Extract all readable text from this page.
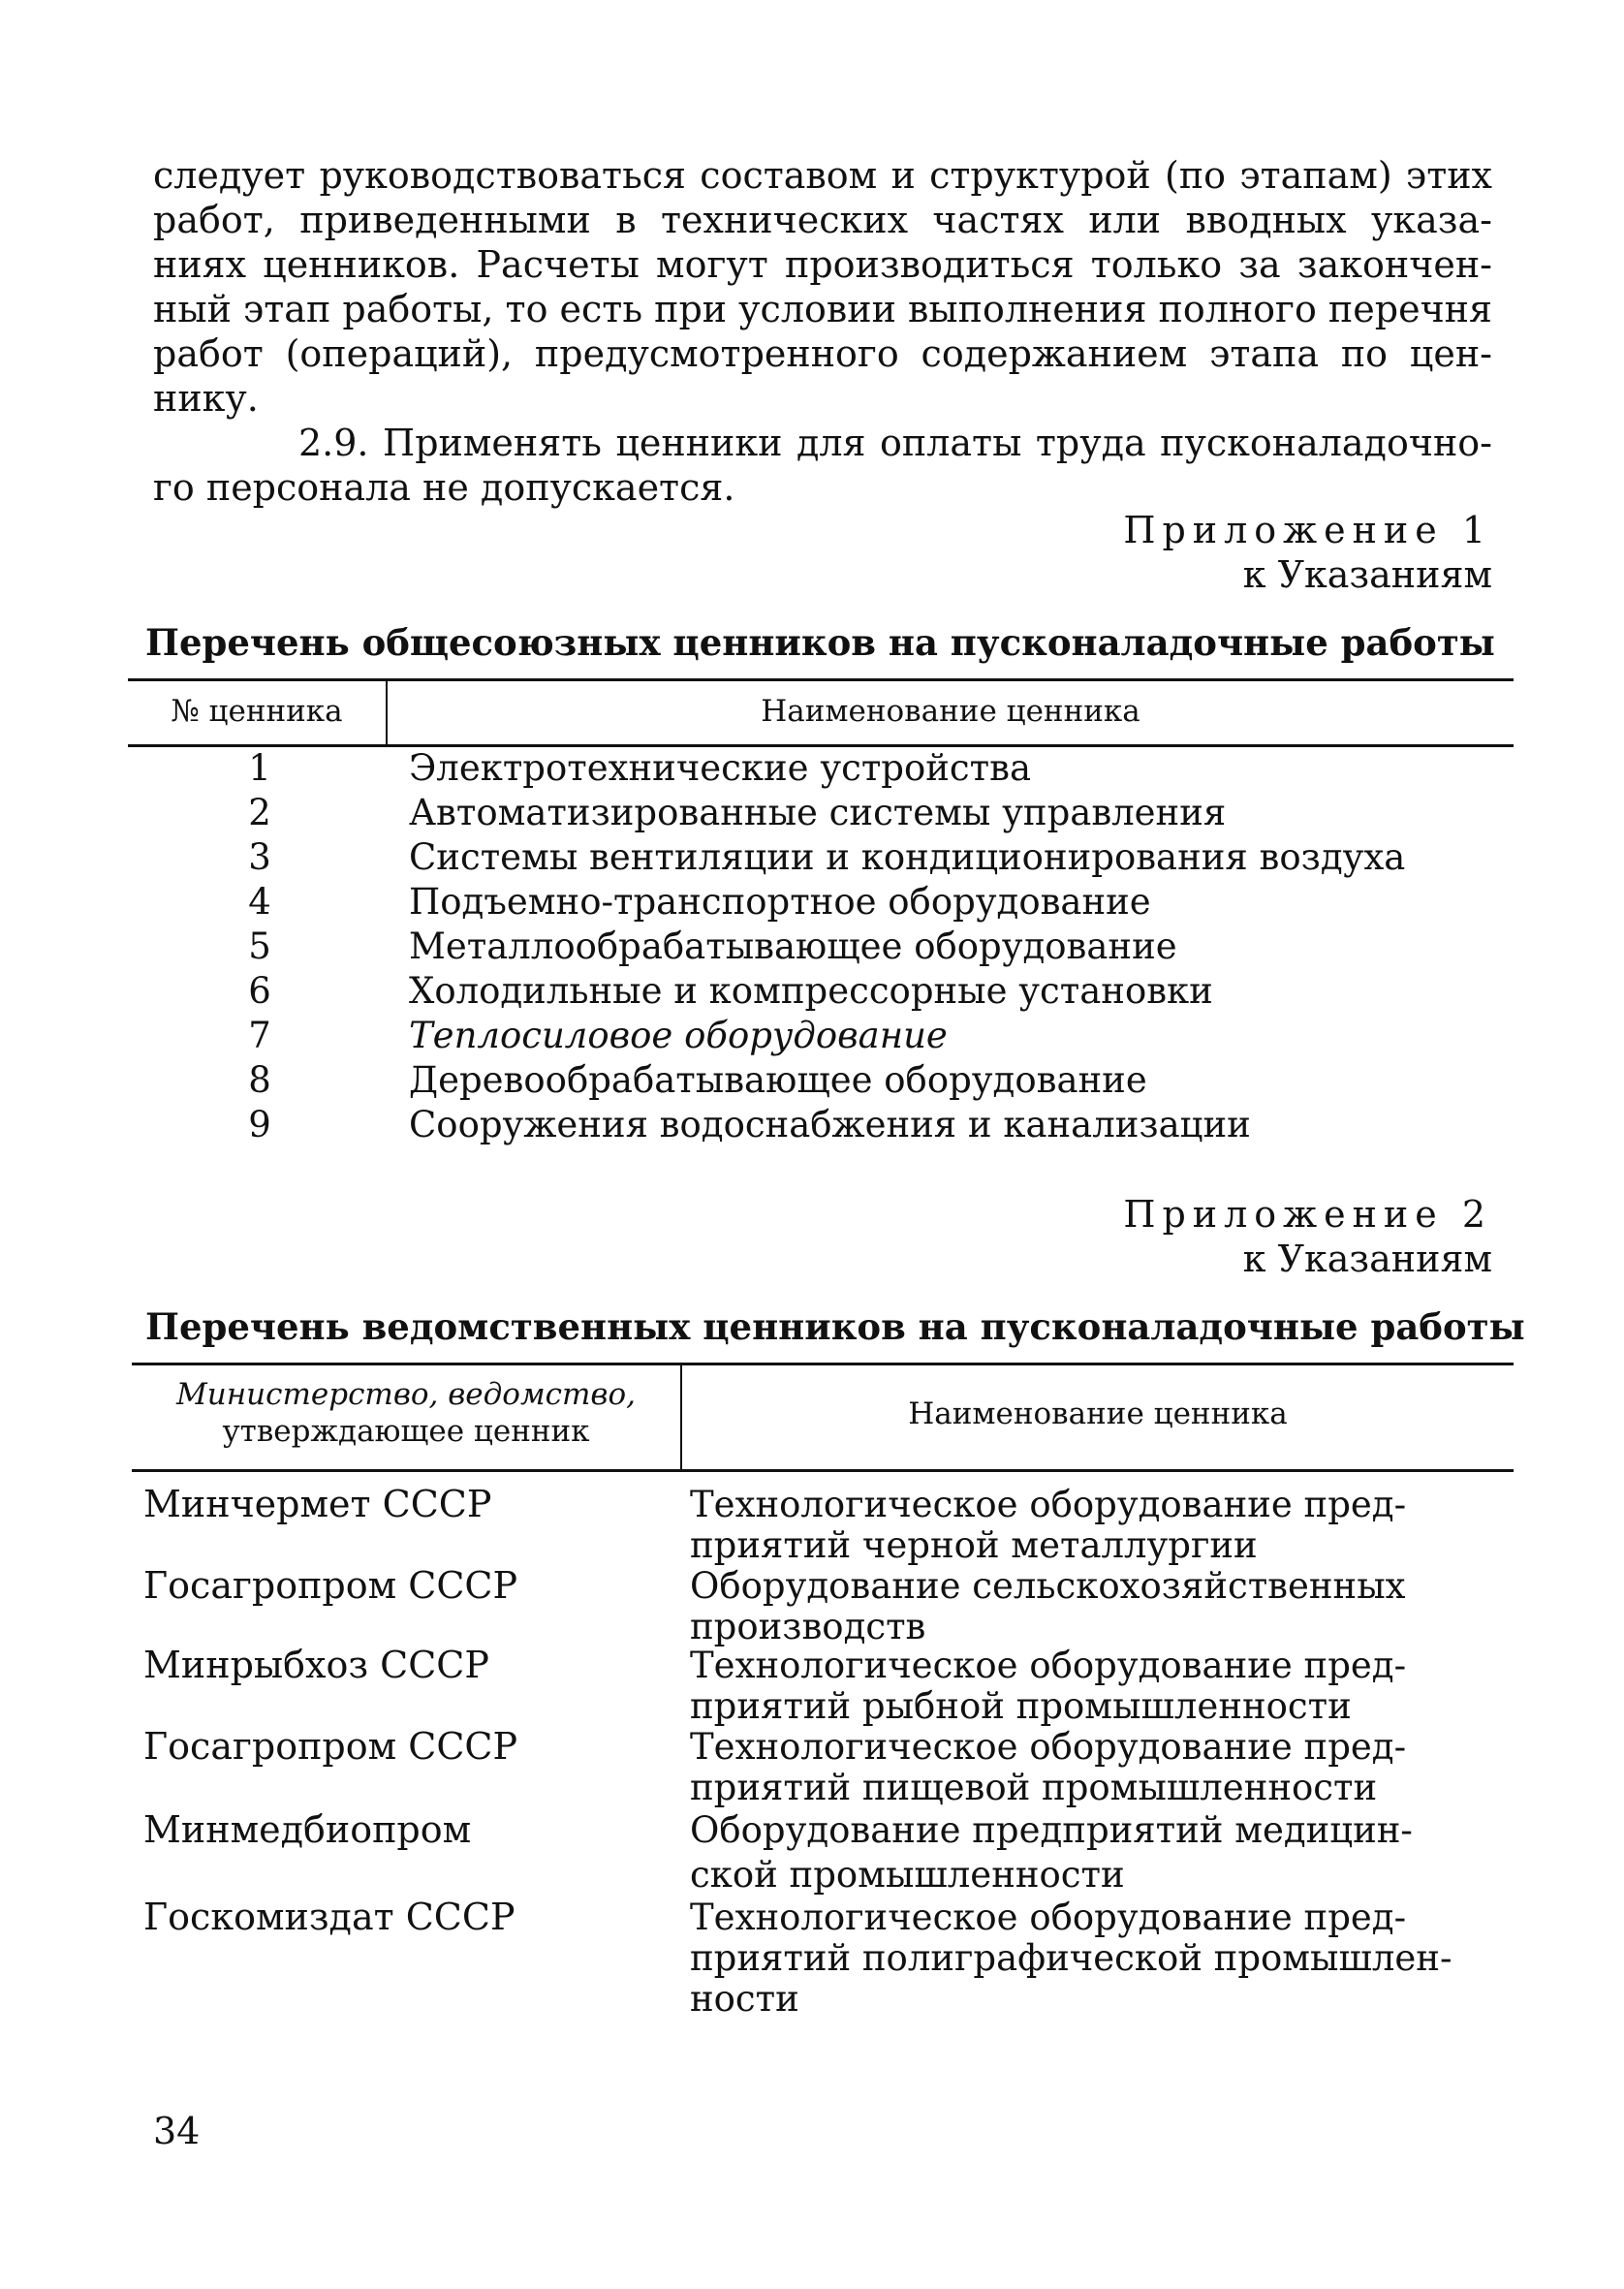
следует руководствоваться составом и структурой (по этапам) этих
работ, приведенными в технических частях или вводных указа-
ниях ценников. Расчеты могут производиться только за закончен-
ный этап работы, то есть при условии выполнения полного перечня
работ (операций), предусмотренного содержанием этапа по цен-
нику.
2.9. Применять ценники для оплаты труда пусконаладочно-
го персонала не допускается.
Приложение 1
к Указаниям
Перечень общесоюзных ценников на пусконаладочные работы
№ ценника	Наименование ценника
1	Электротехнические устройства
2	Автоматизированные системы управления
3	Системы вентиляции и кондиционирования воздуха
4	Подъемно-транспортное оборудование
5	Металлообрабатывающее оборудование
6	Холодильные и компрессорные установки
7	Теплосиловое оборудование
8	Деревообрабатывающее оборудование
9	Сооружения водоснабжения и канализации
Приложение 2
к Указаниям
Перечень ведомственных ценников на пусконаладочные работы
Министерство, ведомство,
утверждающее ценник	Наименование ценника
Минчермет СССР	Технологическое оборудование пред-
приятий черной металлургии
Госагропром СССР	Оборудование сельскохозяйственных
производств
Минрыбхоз СССР	Технологическое оборудование пред-
приятий рыбной промышленности
Госагропром СССР	Технологическое оборудование пред-
приятий пищевой промышленности
Минмедбиопром	Оборудование предприятий медицин-
ской промышленности
Госкомиздат СССР	Технологическое оборудование пред-
приятий полиграфической промышлен-
ности
34
